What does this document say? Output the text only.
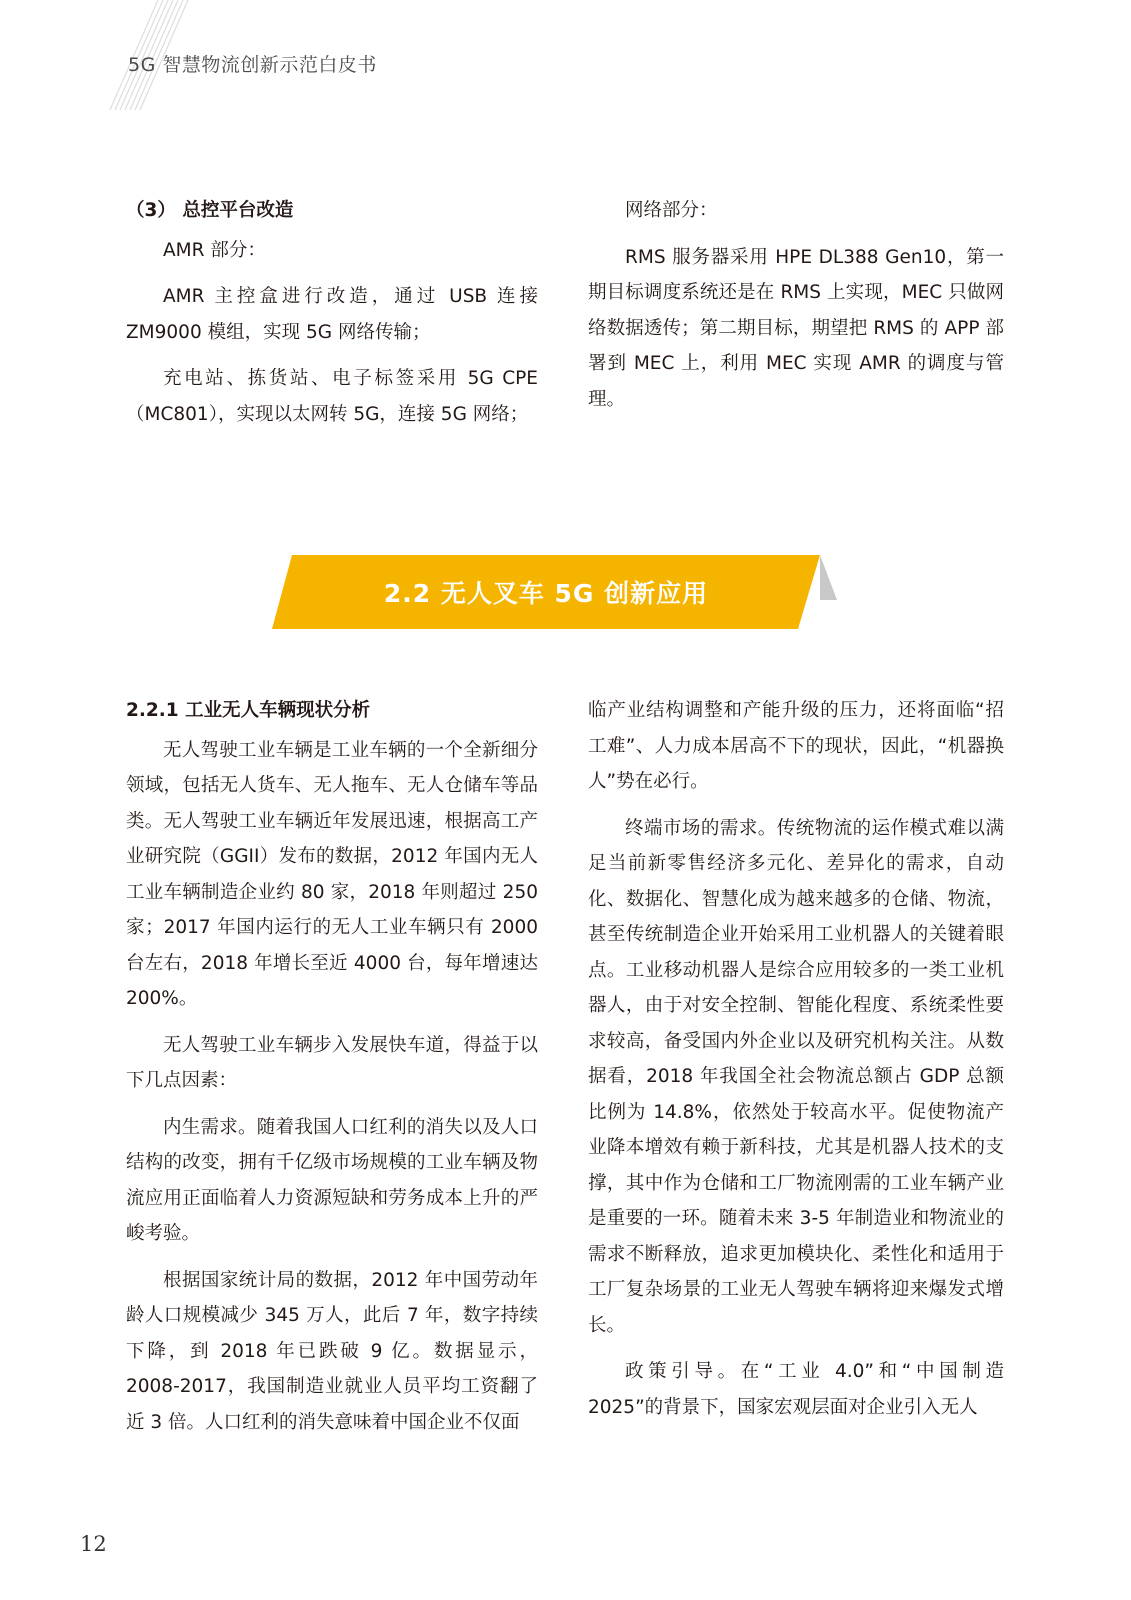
5G 智慧物流创新示范白皮书
（3） 总控平台改造

AMR 部分：

AMR 主控盒进行改造，通过 USB 连接 ZM9000 模组，实现 5G 网络传输；

充电站、拣货站、电子标签采用 5G CPE（MC801），实现以太网转 5G，连接 5G 网络；

网络部分：

RMS 服务器采用 HPE DL388 Gen10，第一期目标调度系统还是在 RMS 上实现，MEC 只做网络数据透传；第二期目标，期望把 RMS 的 APP 部署到 MEC 上，利用 MEC 实现 AMR 的调度与管理。

2.2 无人叉车 5G 创新应用
2.2.1 工业无人车辆现状分析

无人驾驶工业车辆是工业车辆的一个全新细分领域，包括无人货车、无人拖车、无人仓储车等品类。无人驾驶工业车辆近年发展迅速，根据高工产业研究院（GGII）发布的数据，2012 年国内无人工业车辆制造企业约 80 家，2018 年则超过 250 家；2017 年国内运行的无人工业车辆只有 2000 台左右，2018 年增长至近 4000 台，每年增速达 200%。

无人驾驶工业车辆步入发展快车道，得益于以下几点因素：

内生需求。随着我国人口红利的消失以及人口结构的改变，拥有千亿级市场规模的工业车辆及物流应用正面临着人力资源短缺和劳务成本上升的严峻考验。

根据国家统计局的数据，2012 年中国劳动年龄人口规模减少 345 万人，此后 7 年，数字持续下降，到 2018 年已跌破 9 亿。数据显示，2008-2017，我国制造业就业人员平均工资翻了近 3 倍。人口红利的消失意味着中国企业不仅面

临产业结构调整和产能升级的压力，还将面临“招工难”、人力成本居高不下的现状，因此，“机器换人”势在必行。

终端市场的需求。传统物流的运作模式难以满足当前新零售经济多元化、差异化的需求，自动化、数据化、智慧化成为越来越多的仓储、物流，甚至传统制造企业开始采用工业机器人的关键着眼点。工业移动机器人是综合应用较多的一类工业机器人，由于对安全控制、智能化程度、系统柔性要求较高，备受国内外企业以及研究机构关注。从数据看，2018 年我国全社会物流总额占 GDP 总额比例为 14.8%，依然处于较高水平。促使物流产业降本增效有赖于新科技，尤其是机器人技术的支撑，其中作为仓储和工厂物流刚需的工业车辆产业是重要的一环。随着未来 3-5 年制造业和物流业的需求不断释放，追求更加模块化、柔性化和适用于工厂复杂场景的工业无人驾驶车辆将迎来爆发式增长。

政策引导。在“工业 4.0”和“中国制造 2025”的背景下，国家宏观层面对企业引入无人

12
